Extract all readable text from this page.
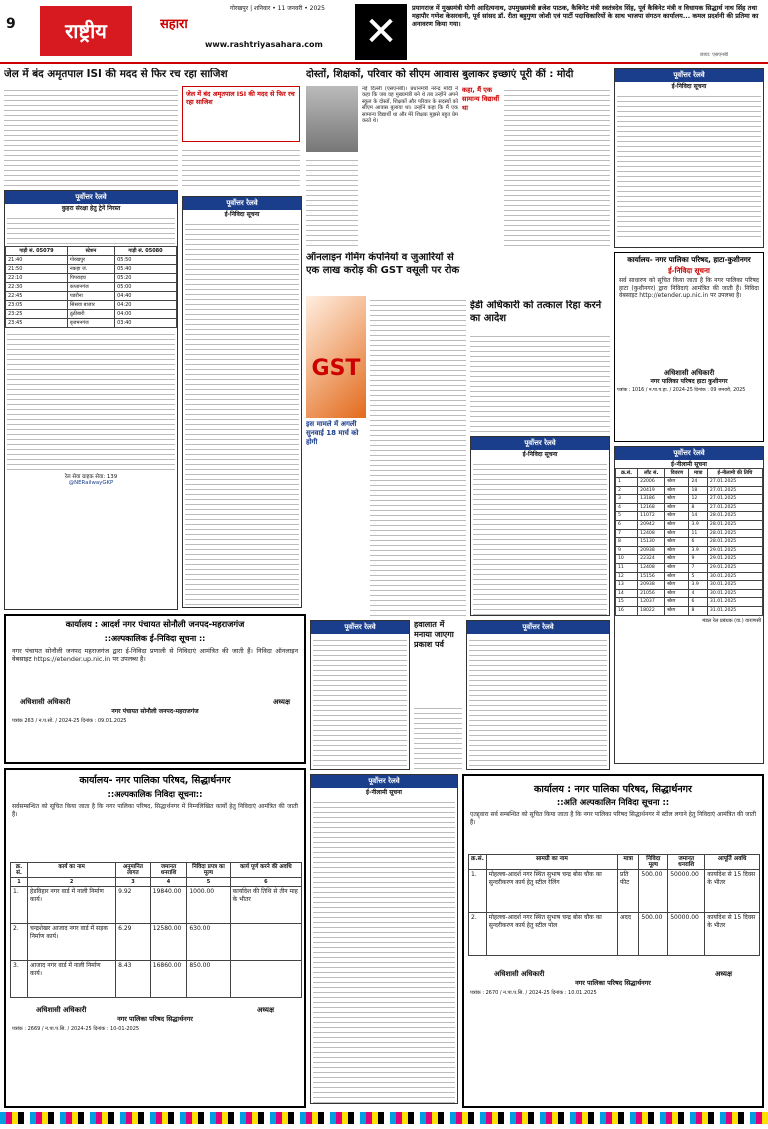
9	राष्ट्रीय
गोरखपुर | शनिवार • 11 जनवरी • 2025
सहारा
www.rashtriyasahara.com ✕
प्रयागराज में मुख्यमंत्री योगी आदित्यनाथ, उपमुख्यमंत्री ब्रजेश पाठक, कैबिनेट मंत्री स्वतंत्रदेव सिंह, पूर्व कैबिनेट मंत्री व विधायक सिद्धार्थ नाथ सिंह तथा महापौर गणेश केसरवानी, पूर्व सांसद डॉ. रीता बहुगुणा जोशी एवं पार्टी पदाधिकारियों के साथ भाजपा संगठन कार्यालय... कमल प्रदर्शनी की प्रतिमा का अनावरण किया गया।
छाया: एसएनबी
जेल में बंद अमृतपाल ISI की मदद से फिर रच रहा साजिश
जेल में बंद अमृतपाल ISI की मदद से फिर रच रहा साजिश
दोस्तों, शिक्षकों, परिवार को सीएम आवास बुलाकर इच्छाएं पूरी कीं : मोदी
कहा, मैं एक सामान्य विद्यार्थी था
नई दिल्ली (एसएनबी)। प्रधानमंत्री नरेन्द्र मोदी ने कहा कि जब वह मुख्यमंत्री बने थे तब उन्होंने अपने स्कूल के दोस्तों, शिक्षकों और परिवार के सदस्यों को सीएम आवास बुलाया था। उन्होंने कहा कि मैं एक सामान्य विद्यार्थी था और मेरे शिक्षक मुझसे बहुत प्रेम करते थे।
पूर्वोत्तर रेलवे
ई-निविदा सूचना
पूर्वोत्तर रेलवे
कुहरा संरक्षा हेतु ट्रेनें निरस्त
गाड़ी सं. 05079	स्टेशन	गाड़ी सं. 05080
21:40	गोरखपुर	05:50
21:50	नकहा जं.	05:40
22:10	पिपराइच	05:20
22:30	कप्तानगंज	05:00
22:45	पडरौना	04:40
23:05	सिसवा बाजार	04:20
23:25	ठूठीबारी	04:00
23:45	बृजमनगंज	03:40
रेल सेवा ग्राहक सेवा: 139
@NERailwayGKP
पूर्वोत्तर रेलवे
ई-निविदा सूचना
ऑनलाइन गेमिंग कंपनियों व जुआरियों से एक लाख करोड़ की GST वसूली पर रोक
GST
इस मामले में अगली सुनवाई 18 मार्च को होगी
ईडी अधिकारी को तत्काल रिहा करने का आदेश
पूर्वोत्तर रेलवे
ई-निविदा सूचना
कार्यालय- नगर पालिका परिषद, हाटा-कुशीनगर
ई-निविदा सूचना
सर्व साधारण को सूचित किया जाता है कि नगर पालिका परिषद हाटा (कुशीनगर) द्वारा निविदाएं आमंत्रित की जाती हैं। निविदा वेबसाइट http://etender.up.nic.in पर उपलब्ध है।
अधिशासी अधिकारी
नगर पालिका परिषद हाटा कुशीनगर
पत्रांक : 1016 / न.पा.प.हा. / 2024-25 दिनांक : 09 जनवरी, 2025
पूर्वोत्तर रेलवे
ई-नीलामी सूचना
क्र.सं.	लॉट सं.	विवरण	मात्रा	ई-नीलामी की तिथि
1	22006	स्क्रैप	24	27.01.2025
2	20419	स्क्रैप	18	27.01.2025
3	13186	स्क्रैप	12	27.01.2025
4	12168	स्क्रैप	8	27.01.2025
5	11072	स्क्रैप	14	28.01.2025
6	20942	स्क्रैप	3.9	28.01.2025
7	12408	स्क्रैप	11	28.01.2025
8	15130	स्क्रैप	6	28.01.2025
9	20938	स्क्रैप	3.9	29.01.2025
10	22324	स्क्रैप	9	29.01.2025
11	12408	स्क्रैप	7	29.01.2025
12	15156	स्क्रैप	5	30.01.2025
13	20938	स्क्रैप	3.9	30.01.2025
14	21056	स्क्रैप	4	30.01.2025
15	12037	स्क्रैप	6	31.01.2025
16	18022	स्क्रैप	8	31.01.2025
मंडल रेल प्रबंधक (वा.) वाराणसी
कार्यालय : आदर्श नगर पंचायत सोनौली जनपद-महराजगंज
::अल्पकालिक ई-निविदा सूचना ::
नगर पंचायत सोनौली जनपद महराजगंज द्वारा ई-निविदा प्रणाली से निविदाएं आमंत्रित की जाती हैं। निविदा ऑनलाइन वेबसाइट https://etender.up.nic.in पर उपलब्ध है।
अधिशासी अधिकारी	अध्यक्ष
नगर पंचायत सोनौली जनपद-महराजगंज
पत्रांक 263 / न.प.सो. / 2024-25 दिनांक : 09.01.2025
पूर्वोत्तर रेलवे	हवालात में मनाया जाएगा प्रकाश पर्व
पूर्वोत्तर रेलवे
कार्यालय- नगर पालिका परिषद, सिद्धार्थनगर
::अल्पकालिक निविदा सूचना::
सर्वसम्बन्धित को सूचित किया जाता है कि नगर पालिका परिषद, सिद्धार्थनगर में निम्नलिखित कार्यों हेतु निविदाएं आमंत्रित की जाती हैं।
क्र. सं.	कार्य का नाम	अनुमानित लागत	जमानत धनराशि	निविदा प्रपत्र का मूल्य	कार्य पूर्ण करने की अवधि
1	2	3	4	5	6
1.	हेडविहार नगर वार्ड में नाली निर्माण कार्य।	9.92	19840.00	1000.00	कार्यादेश की तिथि से तीन माह के भीतर
2.	चन्द्रशेखर आजाद नगर वार्ड में सड़क निर्माण कार्य।	6.29	12580.00	630.00	
3.	आजाद नगर वार्ड में नाली निर्माण कार्य।	8.43	16860.00	850.00	
अधिशासी अधिकारी	अध्यक्ष
नगर पालिका परिषद सिद्धार्थनगर
पत्रांक : 2669 / न.पा.प.सि. / 2024-25 दिनांक : 10-01-2025
पूर्वोत्तर रेलवे
ई-नीलामी सूचना	कार्यालय : नगर पालिका परिषद, सिद्धार्थनगर
::अति अल्पकालिन निविदा सूचना ::
एतद्द्वारा सर्व सम्बन्धित को सूचित किया जाता है कि नगर पालिका परिषद सिद्धार्थनगर में स्टील लगाने हेतु निविदाएं आमंत्रित की जाती हैं।
क्र.सं.	सामग्री का नाम	मात्रा	निविदा मूल्य	जमानत धनराशि	आपूर्ति अवधि
1.	मोहल्ला-आदर्श नगर स्थित सुभाष चन्द्र बोस चौक का सुन्दरीकरण कार्य हेतु स्टील रेलिंग	प्रति फीट	500.00	50000.00	कार्यादेश से 15 दिवस के भीतर
2.	मोहल्ला-आदर्श नगर स्थित सुभाष चन्द्र बोस चौक का सुन्दरीकरण कार्य हेतु स्टील पोल	अदद	500.00	50000.00	कार्यादेश से 15 दिवस के भीतर
अधिशासी अधिकारी	अध्यक्ष
नगर पालिका परिषद सिद्धार्थनगर
पत्रांक : 2670 / न.पा.प.सि. / 2024-25 दिनांक : 10.01.2025
